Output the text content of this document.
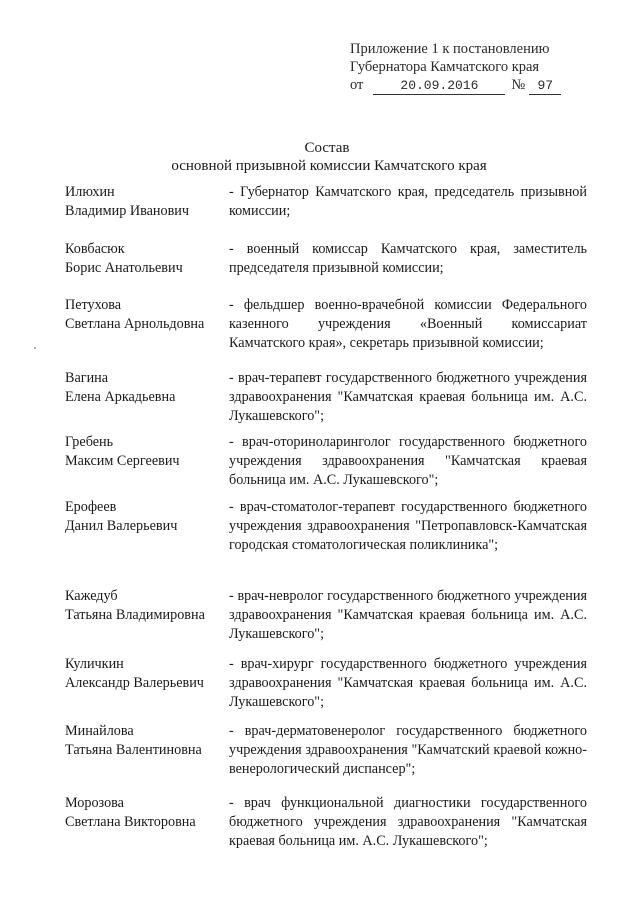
Приложение 1 к постановлению
Губернатора Камчатского края
от	20.09.2016 № 97
Состав
основной призывной комиссии Камчатского края
Илюхин
Владимир Иванович
- Губернатор Камчатского края, председатель призывной комиссии;
Ковбасюк
Борис Анатольевич
- военный комиссар Камчатского края, заместитель председателя призывной комиссии;
Петухова
Светлана Арнольдовна
- фельдшер военно-врачебной комиссии Федерального казенного учреждения «Военный комиссариат Камчатского края», секретарь призывной комиссии;
Вагина
Елена Аркадьевна
- врач-терапевт государственного бюджетного учреждения здравоохранения "Камчатская краевая больница им. А.С. Лукашевского";
Гребень
Максим Сергеевич
- врач-оториноларинголог государственного бюджетного учреждения здравоохранения "Камчатская краевая больница им. А.С. Лукашевского";
Ерофеев
Данил Валерьевич
- врач-стоматолог-терапевт государственного бюджетного учреждения здравоохранения "Петропавловск-Камчатская городская стоматологическая поликлиника";
Кажедуб
Татьяна Владимировна
- врач-невролог государственного бюджетного учреждения здравоохранения "Камчатская краевая больница им. А.С. Лукашевского";
Куличкин
Александр Валерьевич
- врач-хирург государственного бюджетного учреждения здравоохранения "Камчатская краевая больница им. А.С. Лукашевского";
Минайлова
Татьяна Валентиновна
- врач-дерматовенеролог государственного бюджетного учреждения здравоохранения "Камчатский краевой кожно-венерологический диспансер";
Морозова
Светлана Викторовна
- врач функциональной диагностики государственного бюджетного учреждения здравоохранения "Камчатская краевая больница им. А.С. Лукашевского";
